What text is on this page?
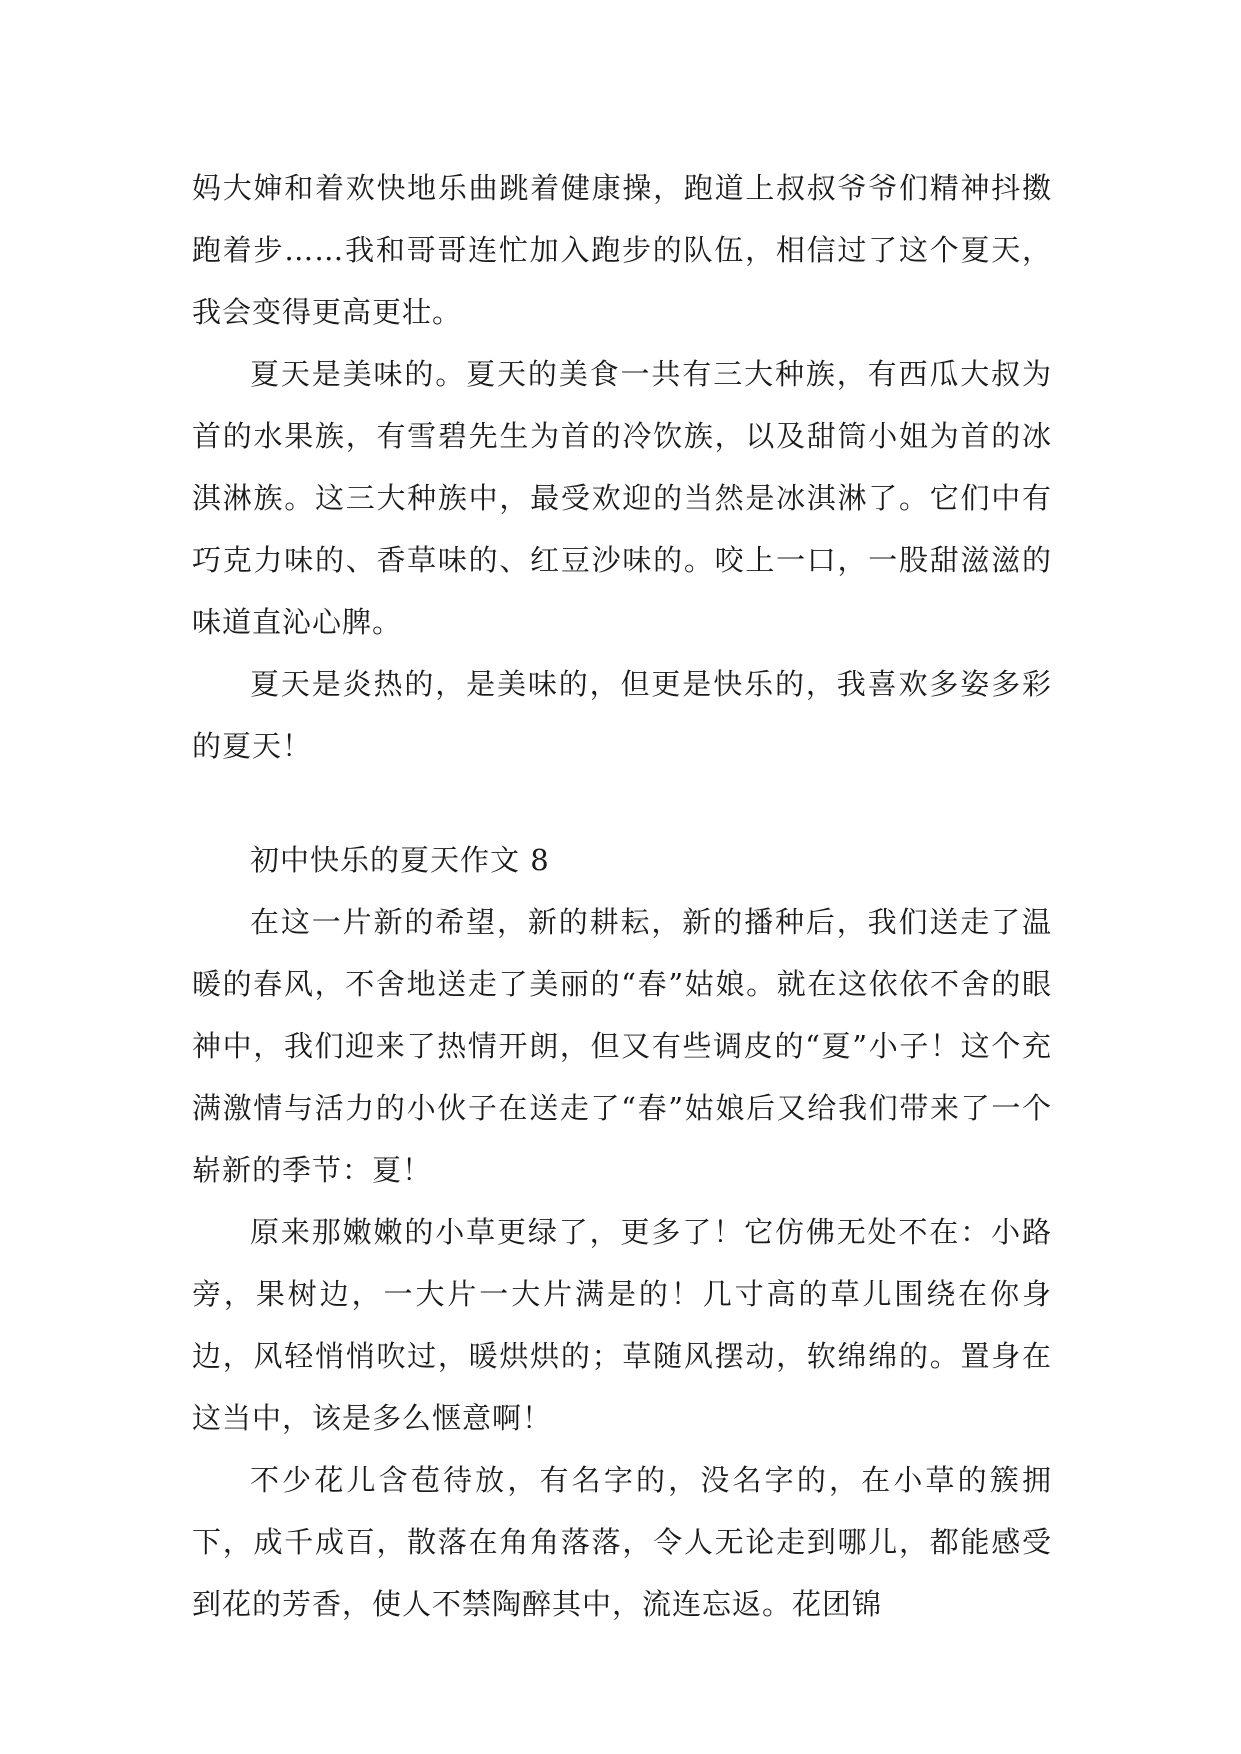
妈大婶和着欢快地乐曲跳着健康操，跑道上叔叔爷爷们精神抖擞跑着步……我和哥哥连忙加入跑步的队伍，相信过了这个夏天，我会变得更高更壮。

夏天是美味的。夏天的美食一共有三大种族，有西瓜大叔为首的水果族，有雪碧先生为首的冷饮族，以及甜筒小姐为首的冰淇淋族。这三大种族中，最受欢迎的当然是冰淇淋了。它们中有巧克力味的、香草味的、红豆沙味的。咬上一口，一股甜滋滋的味道直沁心脾。

夏天是炎热的，是美味的，但更是快乐的，我喜欢多姿多彩的夏天！

初中快乐的夏天作文 8

在这一片新的希望，新的耕耘，新的播种后，我们送走了温暖的春风，不舍地送走了美丽的“春”姑娘。就在这依依不舍的眼神中，我们迎来了热情开朗，但又有些调皮的“夏”小子！这个充满激情与活力的小伙子在送走了“春”姑娘后又给我们带来了一个崭新的季节：夏！

原来那嫩嫩的小草更绿了，更多了！它仿佛无处不在：小路旁，果树边，一大片一大片满是的！几寸高的草儿围绕在你身边，风轻悄悄吹过，暖烘烘的；草随风摆动，软绵绵的。置身在这当中，该是多么惬意啊！

不少花儿含苞待放，有名字的，没名字的，在小草的簇拥下，成千成百，散落在角角落落，令人无论走到哪儿，都能感受到花的芳香，使人不禁陶醉其中，流连忘返。花团锦
